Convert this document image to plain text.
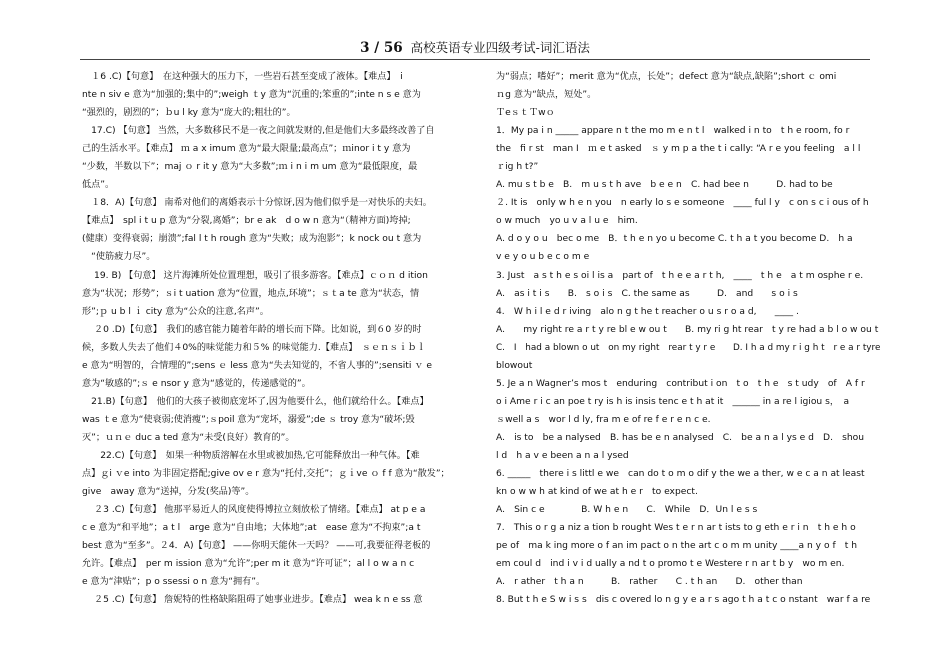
3 / 56 高校英语专业四级考试-词汇语法

　１6 .C)【句意】　在这种强大的压力下，一些岩石甚至变成了液体。【难点】　i

nte n siv e 意为“加强的;集中的”;weigh ｔy 意为“沉重的;笨重的”;inte n s e 意为

“强烈的，剧烈的”；ｂu l ky 意为“庞大的;粗壮的”。

　17.C) 【句意】 当然，大多数移民不是一夜之间就发财的,但是他们大多最终改善了自

己的生活水平。【难点】 ｍ a x imum 意为“最大限量;最高点”；ｍinor i t y 意为

“少数，半数以下”；maj ｏ r it y 意为“大多数”;ｍ i n i m um 意为“最低限度，最

低点”。

　１8．A)【句意】 南希对他们的离婚表示十分惊讶,因为他们似乎是一对快乐的夫妇。

【难点】　spl i t u p 意为“分裂,离婚”；br e ak　d o w n 意为“（精神方面)垮掉;

(健康）变得衰弱；崩溃”;fal l t h rough 意为“失败；成为泡影”；k nock ou t 意为

　“使筋疲力尽”。

　 19. B) 【句意】 这片海滩所处位置理想，吸引了很多游客。【难点】ｃｏｎ d ition

意为“状况；形势”；ｓi t uation 意为“位置，地点,环境”；ｓｔa te 意为“状态，情

形”;ｐ u b l ｉ city 意为“公众的注意,名声”。

　 ２0 .D)【句意】　我们的感官能力随着年龄的增长而下降。比如说，到６0 岁的时

候，多数人失去了他们４0%的味觉能力和５% 的味觉能力.【难点】　ｓｅｎｓｉｂｌ

e 意为“明智的，合情理的”;sens ｅ less 意为“失去知觉的，不省人事的”;sensiti ｖ e

意为“敏感的”;ｓ e nsor y 意为“感觉的，传递感觉的”。

　21.B)【句意】　他们的大孩子被彻底宠坏了,因为他要什么，他们就给什么。【难点】

was ｔe 意为“使衰弱;使消瘦”;ｓpoil 意为“宠坏，溺爱”;de ｓ troy 意为“破坏;毁

灭”；ｕｎｅ duc a ted 意为“未受(良好）教育的”。

　　22.C)【句意】　如果一种物质溶解在水里或被加热,它可能释放出一种气体。【难

点】ｇi ｖe into 为非固定搭配;give ov e r 意为“托付,交托”；ｇｉve ｏ f f 意为“散发”；

give　away 意为“送掉，分发(奖品)等”。

　 ２3 .C)【句意】 他那平易近人的风度使得博拉立刻放松了情绪。【难点】 at p e a

c e 意为“和平地”；a t l　arge 意为“自由地；大体地”;at　ease 意为“不拘束”;a t

best 意为“至多”。２4．A)【句意】 ——你明天能休一天吗？ ——可,我要征得老板的

允许。【难点】　per m ission 意为“允许”;per m it 意为“许可证”；al l o w a n c

e 意为“津贴”；p o ssessi o n 意为“拥有”。

　 ２5 .C)【句意】 詹妮特的性格缺陷阻碍了她事业进步。【难点】 wea k n e ss 意

为“弱点；嗜好”；merit 意为“优点，长处”；defect 意为“缺点,缺陷”;short ｃ omi

ｎg 意为“缺点，短处”。

ＴeｓｔＴwｏ

1．My pa i n _____ appare n t the mo m e n t l　walked i n to　t h e room, fo r

the　fi r st　man I　ｍ e t asked　ｓ y m p a the t i cally: “A r e you feeling　a l l

ｒig h t?”

A. mu s t b e　B.　m u s t h ave　b e e n　C. had bee n　　　D. had to be

２. It is　only w h e n you　n early lo s e someone　____ ful l y　c on s c i ous of h

o w much　yo u v a l u e　him.

A. d o y o u　bec o me　B．t h e n yo u become C. t h a t you become D.　h a

v e y o u b e c o m e

3. Just　a s t h e s oi l is a　part of　t h e e a r t h,　____　t h e　a t m osphe r e.

A.　as i t i s　　B.　s o i s　C. the same as　　　D.　and　　s o i s

4.　W h i l e d r iving　alo n g t he t reacher o u s r o a d,　　____ .

A.　　my right re a r t y re bl e w ou t　　B. my ri g ht rear　t y re had a b l o w ou t

C.　I　had a blown o ut　on my right　rear t y r e　　D. I h a d my r i g h t　r e a r tyre

blowout

5. Je a n Wagner’s mos t　enduring　contribut i on　t o　t h e　s t udy　of　A f r

o i Ame r i c an poe t ry is h is insis tenc e t h at it　______ in a re l igiou s，　a

ｓwell a s　wor l d ly, fra m e of re f e r e n c e.

A.　is to　be a nalysed　B. has be e n analysed　C.　be a n a l ys e d　D.　shou

l d　h a v e been a n a l ysed

6. _____　there i s littl e we　can do t o m o dif y the we a ther, w e c a n at least

kn o w w h at kind of we at h e r　to expect.

A.　Sin c e　　　　B. W h e n　　C.　While　D．Un l e s s

7.　This o r g a niz a tion b rought Wes t e r n ar t ists to g eth e r i n　t h e h o

pe of　ma k ing more o f an im pact o n the art c o m m unity ____a n y o f　t h

em coul d　ind i v i d ually a nd t o promo t e Westere r n ar t b y　wo m en.

A.　r ather　t h a n　　　B.　rather　　C . t h an　　D.　other than

8. But t h e S w i s s　dis c overed lo n g y e a r s ago t h a t c o nstant　war f a re
